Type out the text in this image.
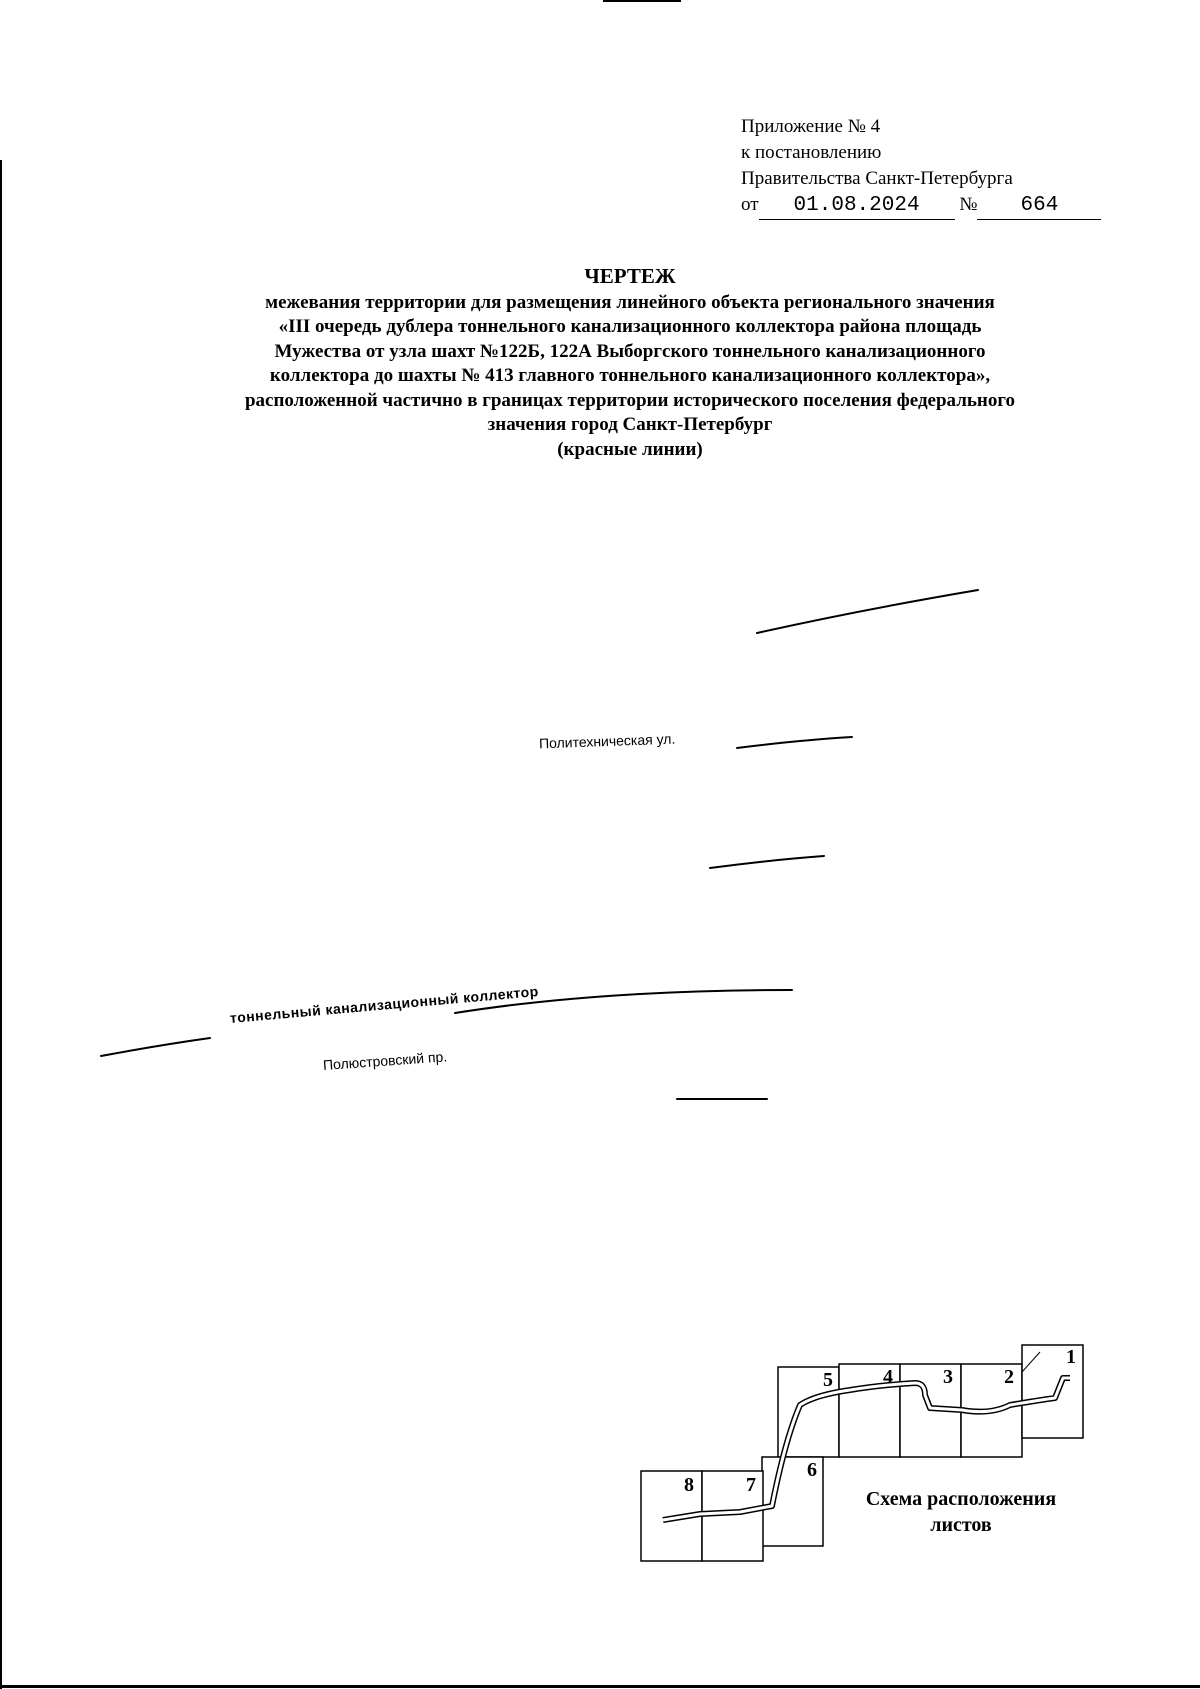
Приложение № 4
к постановлению
Правительства Санкт-Петербурга
от 01.08.2024 № 664
ЧЕРТЕЖ
межевания территории для размещения линейного объекта регионального значения
«III очередь дублера тоннельного канализационного коллектора района площадь
Мужества от узла шахт №122Б, 122А Выборгского тоннельного канализационного
коллектора до шахты № 413 главного тоннельного канализационного коллектора»,
расположенной частично в границах территории исторического поселения федерального
значения город Санкт-Петербург
(красные линии)
1
2
3
4
5
6
7
8
Политехническая ул.
тоннельный канализационный коллектор
Полюстровский пр.
Схема расположения
листов
